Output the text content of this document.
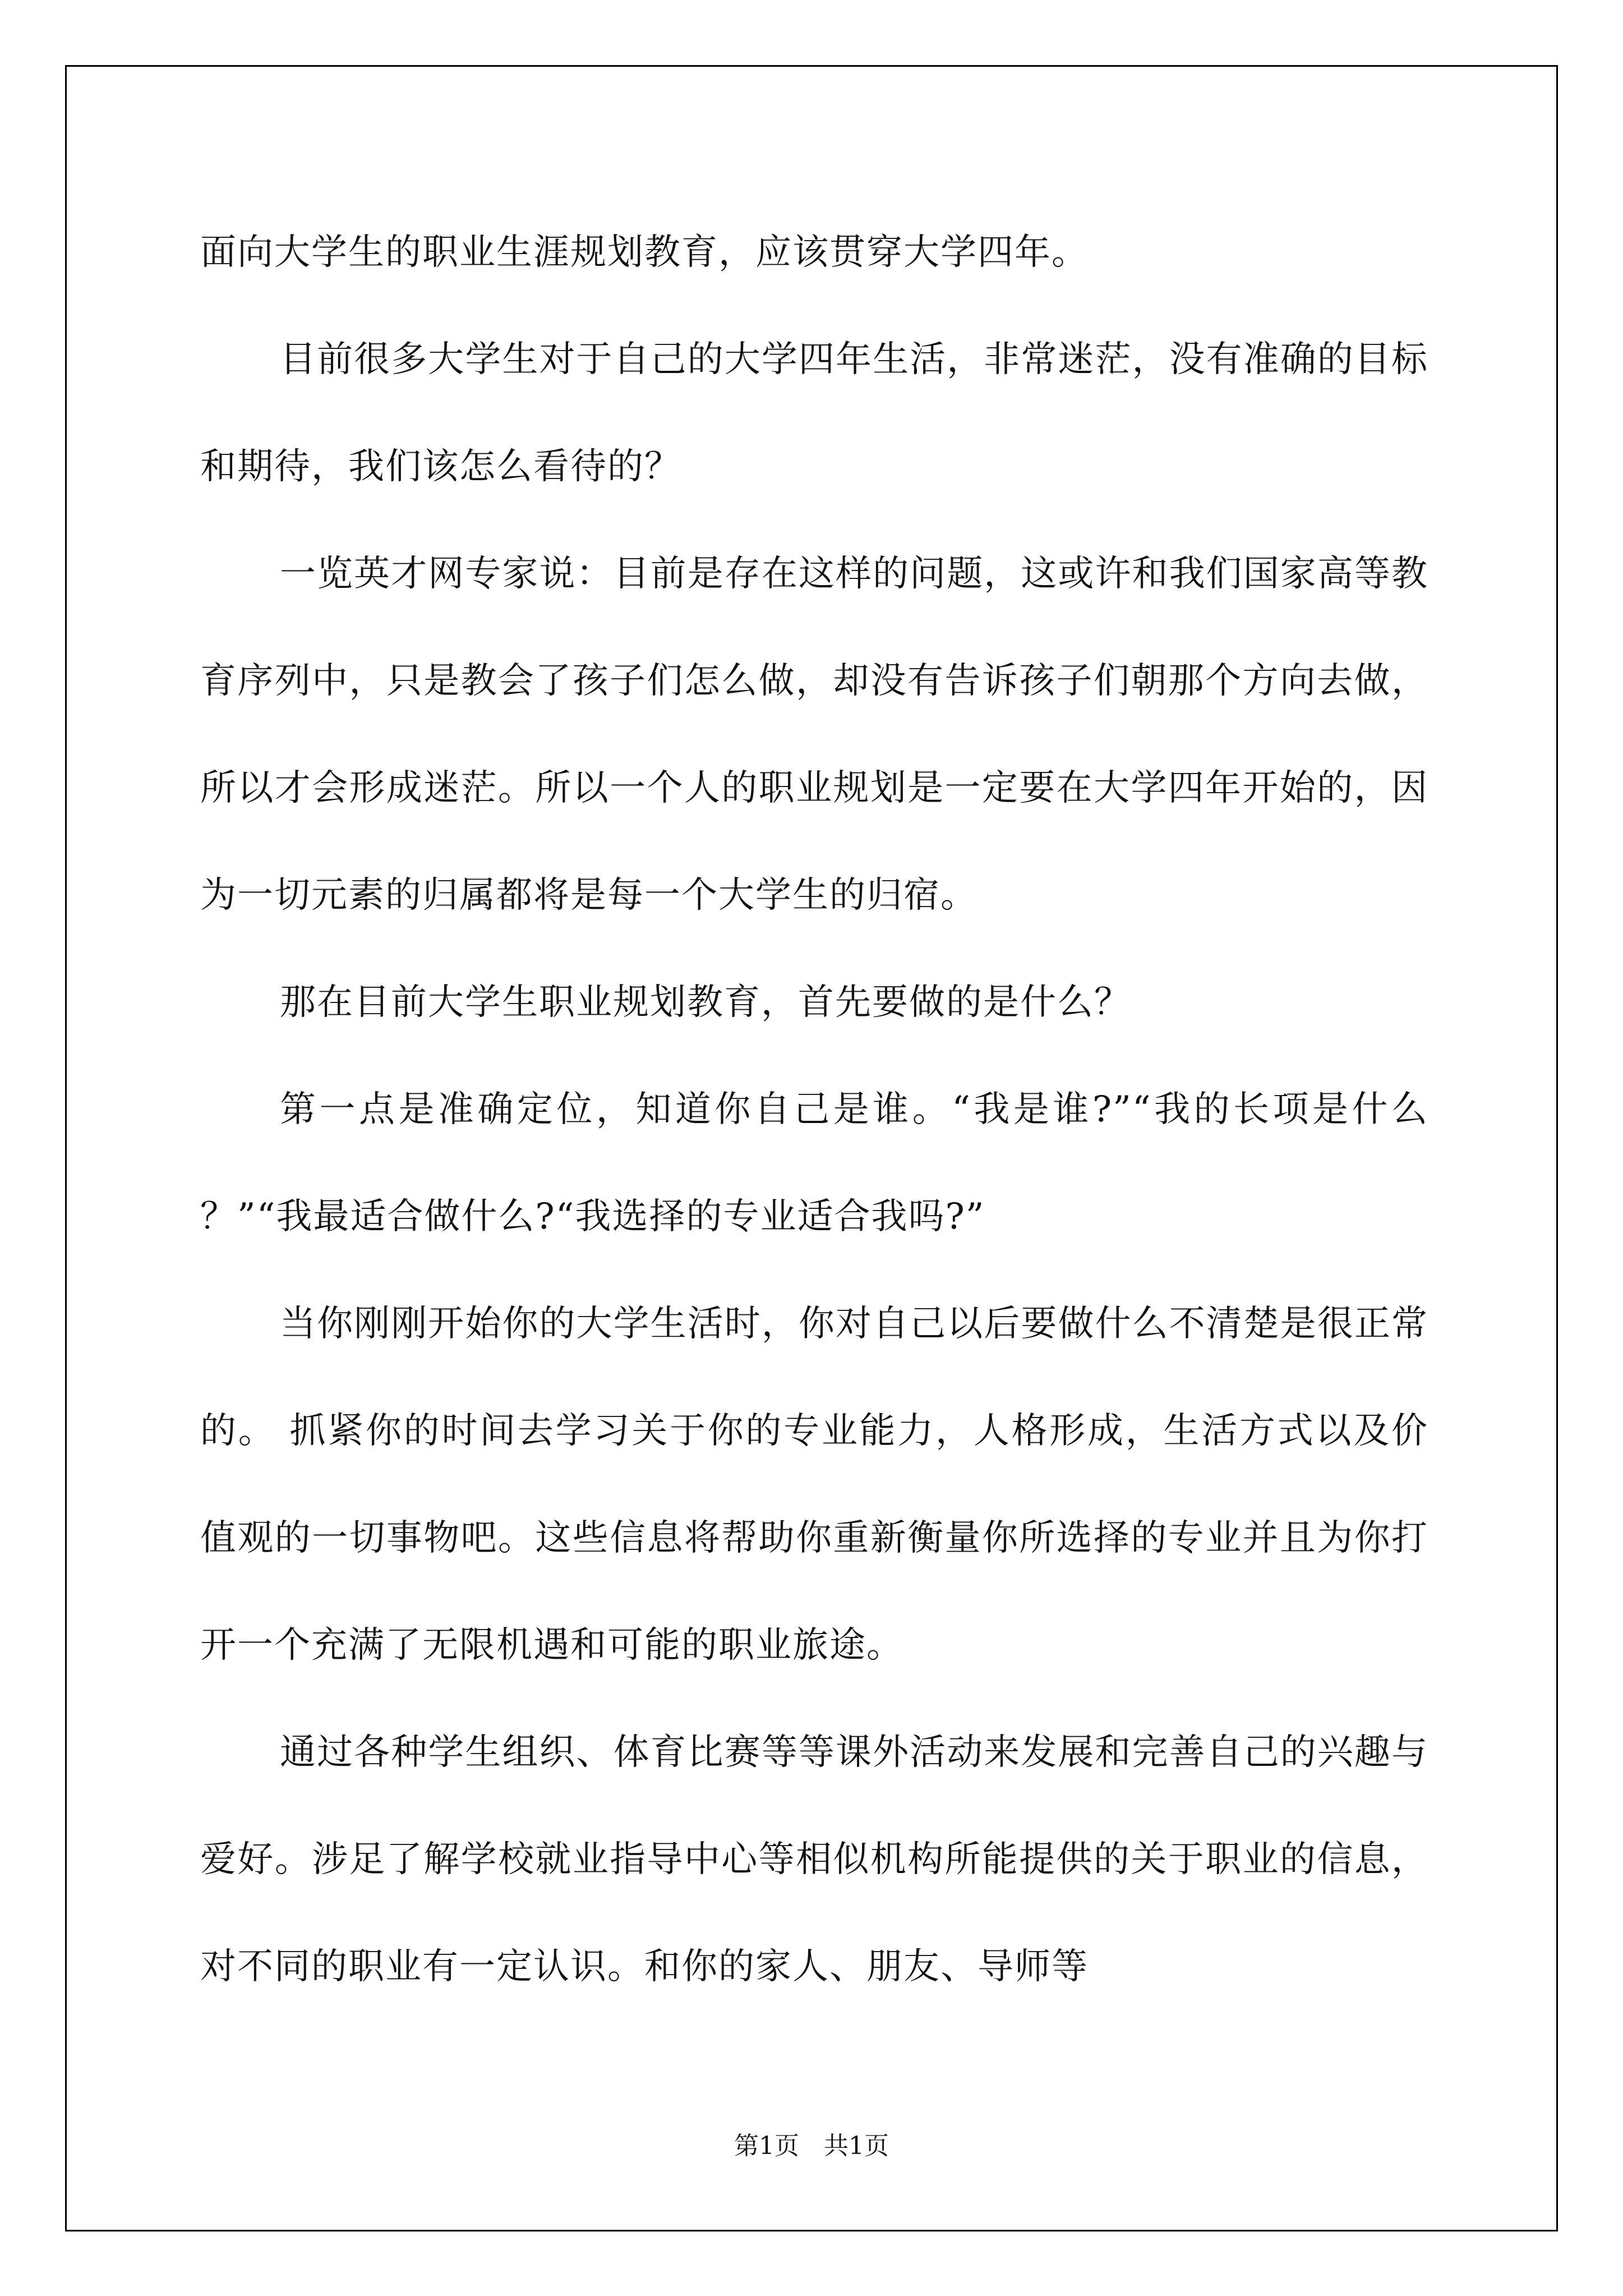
面向大学生的职业生涯规划教育，应该贯穿大学四年。

目前很多大学生对于自己的大学四年生活，非常迷茫，没有准确的目标和期待，我们该怎么看待的？

一览英才网专家说：目前是存在这样的问题，这或许和我们国家高等教育序列中，只是教会了孩子们怎么做，却没有告诉孩子们朝那个方向去做，所以才会形成迷茫。所以一个人的职业规划是一定要在大学四年开始的，因为一切元素的归属都将是每一个大学生的归宿。

那在目前大学生职业规划教育，首先要做的是什么？

第一点是准确定位，知道你自己是谁。“我是谁?”“我的长项是什么 ？”“我最适合做什么?“我选择的专业适合我吗?”

当你刚刚开始你的大学生活时，你对自己以后要做什么不清楚是很正常的。 抓紧你的时间去学习关于你的专业能力，人格形成，生活方式以及价值观的一切事物吧。这些信息将帮助你重新衡量你所选择的专业并且为你打开一个充满了无限机遇和可能的职业旅途。

通过各种学生组织、体育比赛等等课外活动来发展和完善自己的兴趣与爱好。涉足了解学校就业指导中心等相似机构所能提供的关于职业的信息，对不同的职业有一定认识。和你的家人、朋友、导师等

第1页　共1页
